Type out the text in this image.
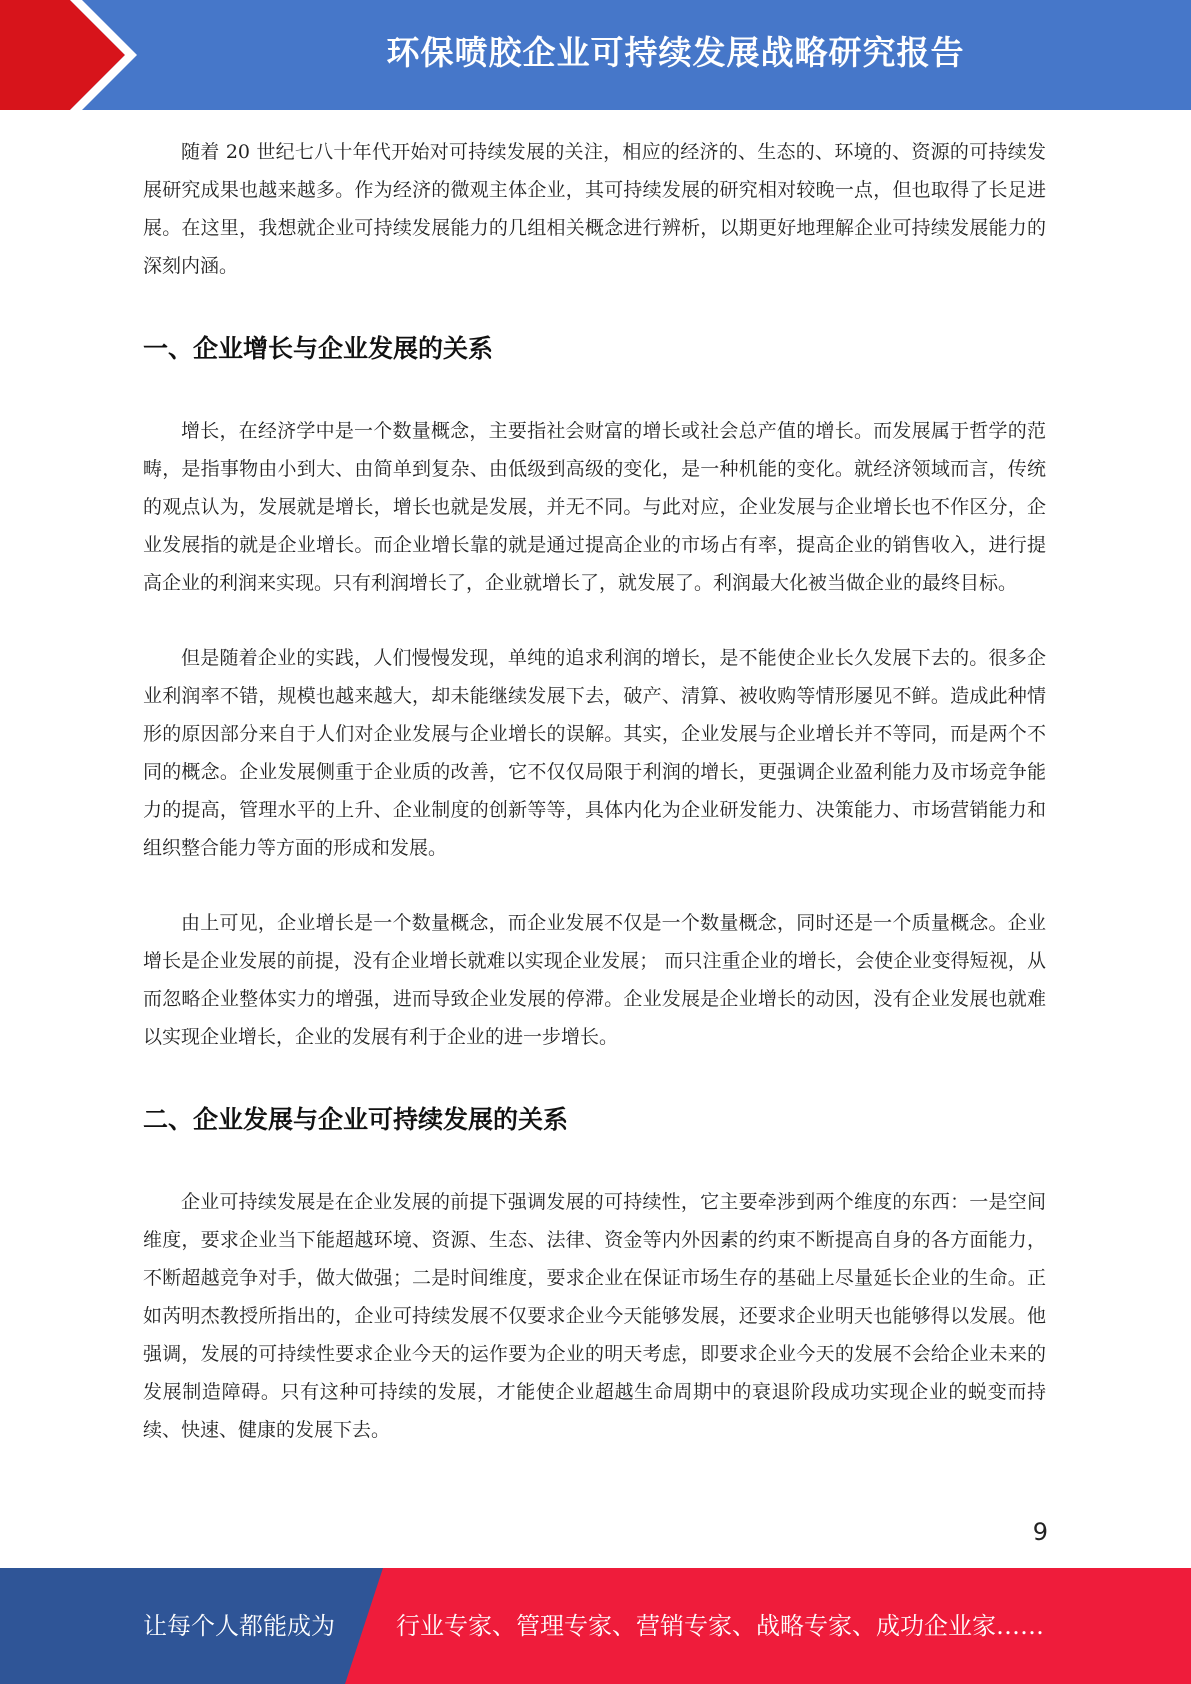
环保喷胶企业可持续发展战略研究报告

随着 20 世纪七八十年代开始对可持续发展的关注，相应的经济的、生态的、环境的、资源的可持续发展研究成果也越来越多。作为经济的微观主体企业，其可持续发展的研究相对较晚一点，但也取得了长足进展。在这里，我想就企业可持续发展能力的几组相关概念进行辨析，以期更好地理解企业可持续发展能力的深刻内涵。

一、企业增长与企业发展的关系

增长，在经济学中是一个数量概念，主要指社会财富的增长或社会总产值的增长。而发展属于哲学的范畴，是指事物由小到大、由简单到复杂、由低级到高级的变化，是一种机能的变化。就经济领域而言，传统的观点认为，发展就是增长，增长也就是发展，并无不同。与此对应，企业发展与企业增长也不作区分，企业发展指的就是企业增长。而企业增长靠的就是通过提高企业的市场占有率，提高企业的销售收入，进行提高企业的利润来实现。只有利润增长了，企业就增长了，就发展了。利润最大化被当做企业的最终目标。

但是随着企业的实践，人们慢慢发现，单纯的追求利润的增长，是不能使企业长久发展下去的。很多企业利润率不错，规模也越来越大，却未能继续发展下去，破产、清算、被收购等情形屡见不鲜。造成此种情形的原因部分来自于人们对企业发展与企业增长的误解。其实，企业发展与企业增长并不等同，而是两个不同的概念。企业发展侧重于企业质的改善，它不仅仅局限于利润的增长，更强调企业盈利能力及市场竞争能力的提高，管理水平的上升、企业制度的创新等等，具体内化为企业研发能力、决策能力、市场营销能力和组织整合能力等方面的形成和发展。

由上可见，企业增长是一个数量概念，而企业发展不仅是一个数量概念，同时还是一个质量概念。企业增长是企业发展的前提，没有企业增长就难以实现企业发展； 而只注重企业的增长，会使企业变得短视，从而忽略企业整体实力的增强，进而导致企业发展的停滞。企业发展是企业增长的动因，没有企业发展也就难以实现企业增长，企业的发展有利于企业的进一步增长。

二、企业发展与企业可持续发展的关系

企业可持续发展是在企业发展的前提下强调发展的可持续性，它主要牵涉到两个维度的东西：一是空间维度，要求企业当下能超越环境、资源、生态、法律、资金等内外因素的约束不断提高自身的各方面能力，不断超越竞争对手，做大做强；二是时间维度，要求企业在保证市场生存的基础上尽量延长企业的生命。正如芮明杰教授所指出的，企业可持续发展不仅要求企业今天能够发展，还要求企业明天也能够得以发展。他强调，发展的可持续性要求企业今天的运作要为企业的明天考虑，即要求企业今天的发展不会给企业未来的发展制造障碍。只有这种可持续的发展，才能使企业超越生命周期中的衰退阶段成功实现企业的蜕变而持续、快速、健康的发展下去。

9
让每个人都能成为	行业专家、管理专家、营销专家、战略专家、成功企业家……
